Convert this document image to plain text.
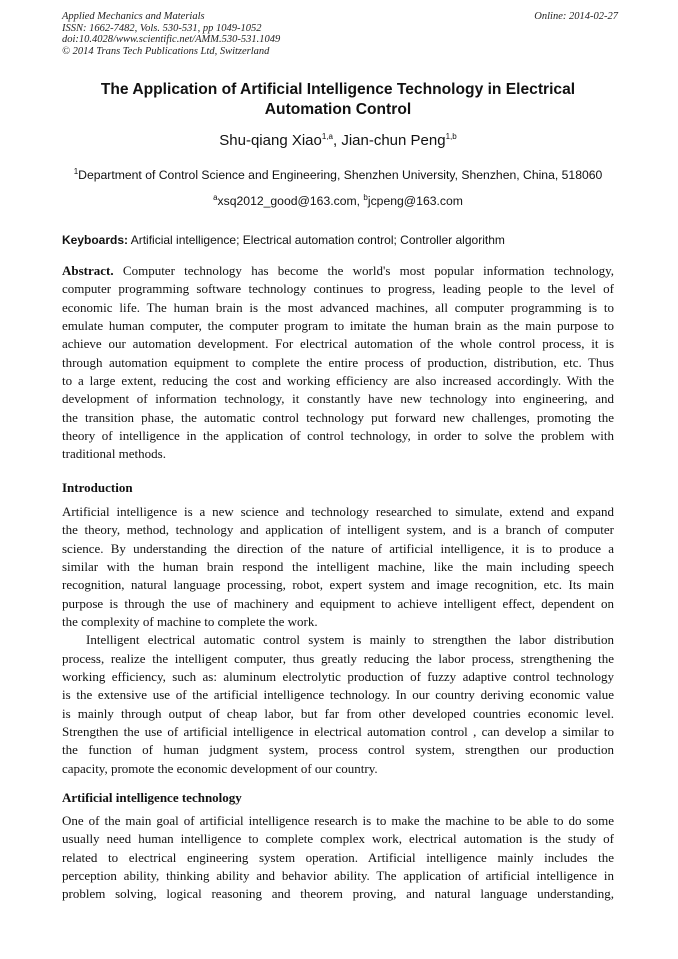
Applied Mechanics and Materials
ISSN: 1662-7482, Vols. 530-531, pp 1049-1052
doi:10.4028/www.scientific.net/AMM.530-531.1049
© 2014 Trans Tech Publications Ltd, Switzerland
Online: 2014-02-27
The Application of Artificial Intelligence Technology in Electrical
Automation Control
Shu-qiang Xiao$^{1,a}$, Jian-chun Peng$^{1,b}$
$^1$Department of Control Science and Engineering, Shenzhen University, Shenzhen, China, 518060
$^a$xsq2012_good@163.com, $^b$jcpeng@163.com
Keyboards: Artificial intelligence; Electrical automation control; Controller algorithm
Abstract. Computer technology has become the world's most popular information technology,
computer programming software technology continues to progress, leading people to the level of
economic life. The human brain is the most advanced machines, all computer programming is to
emulate human computer, the computer program to imitate the human brain as the main purpose to
achieve our automation development. For electrical automation of the whole control process, it is
through automation equipment to complete the entire process of production, distribution, etc. Thus
to a large extent, reducing the cost and working efficiency are also increased accordingly. With the
development of information technology, it constantly have new technology into engineering, and
the transition phase, the automatic control technology put forward new challenges, promoting the
theory of intelligence in the application of control technology, in order to solve the problem with
traditional methods.
Introduction
Artificial intelligence is a new science and technology researched to simulate, extend and expand
the theory, method, technology and application of intelligent system, and is a branch of computer
science. By understanding the direction of the nature of artificial intelligence, it is to produce a
similar with the human brain respond the intelligent machine, like the main including speech
recognition, natural language processing, robot, expert system and image recognition, etc. Its main
purpose is through the use of machinery and equipment to achieve intelligent effect, dependent on
the complexity of machine to complete the work.
Intelligent electrical automatic control system is mainly to strengthen the labor distribution
process, realize the intelligent computer, thus greatly reducing the labor process, strengthening the
working efficiency, such as: aluminum electrolytic production of fuzzy adaptive control technology
is the extensive use of the artificial intelligence technology. In our country deriving economic value
is mainly through output of cheap labor, but far from other developed countries economic level.
Strengthen the use of artificial intelligence in electrical automation control , can develop a similar to
the function of human judgment system, process control system, strengthen our production
capacity, promote the economic development of our country.
Artificial intelligence technology
One of the main goal of artificial intelligence research is to make the machine to be able to do some
usually need human intelligence to complete complex work, electrical automation is the study of
related to electrical engineering system operation. Artificial intelligence mainly includes the
perception ability, thinking ability and behavior ability. The application of artificial intelligence in
problem solving, logical reasoning and theorem proving, and natural language understanding,
